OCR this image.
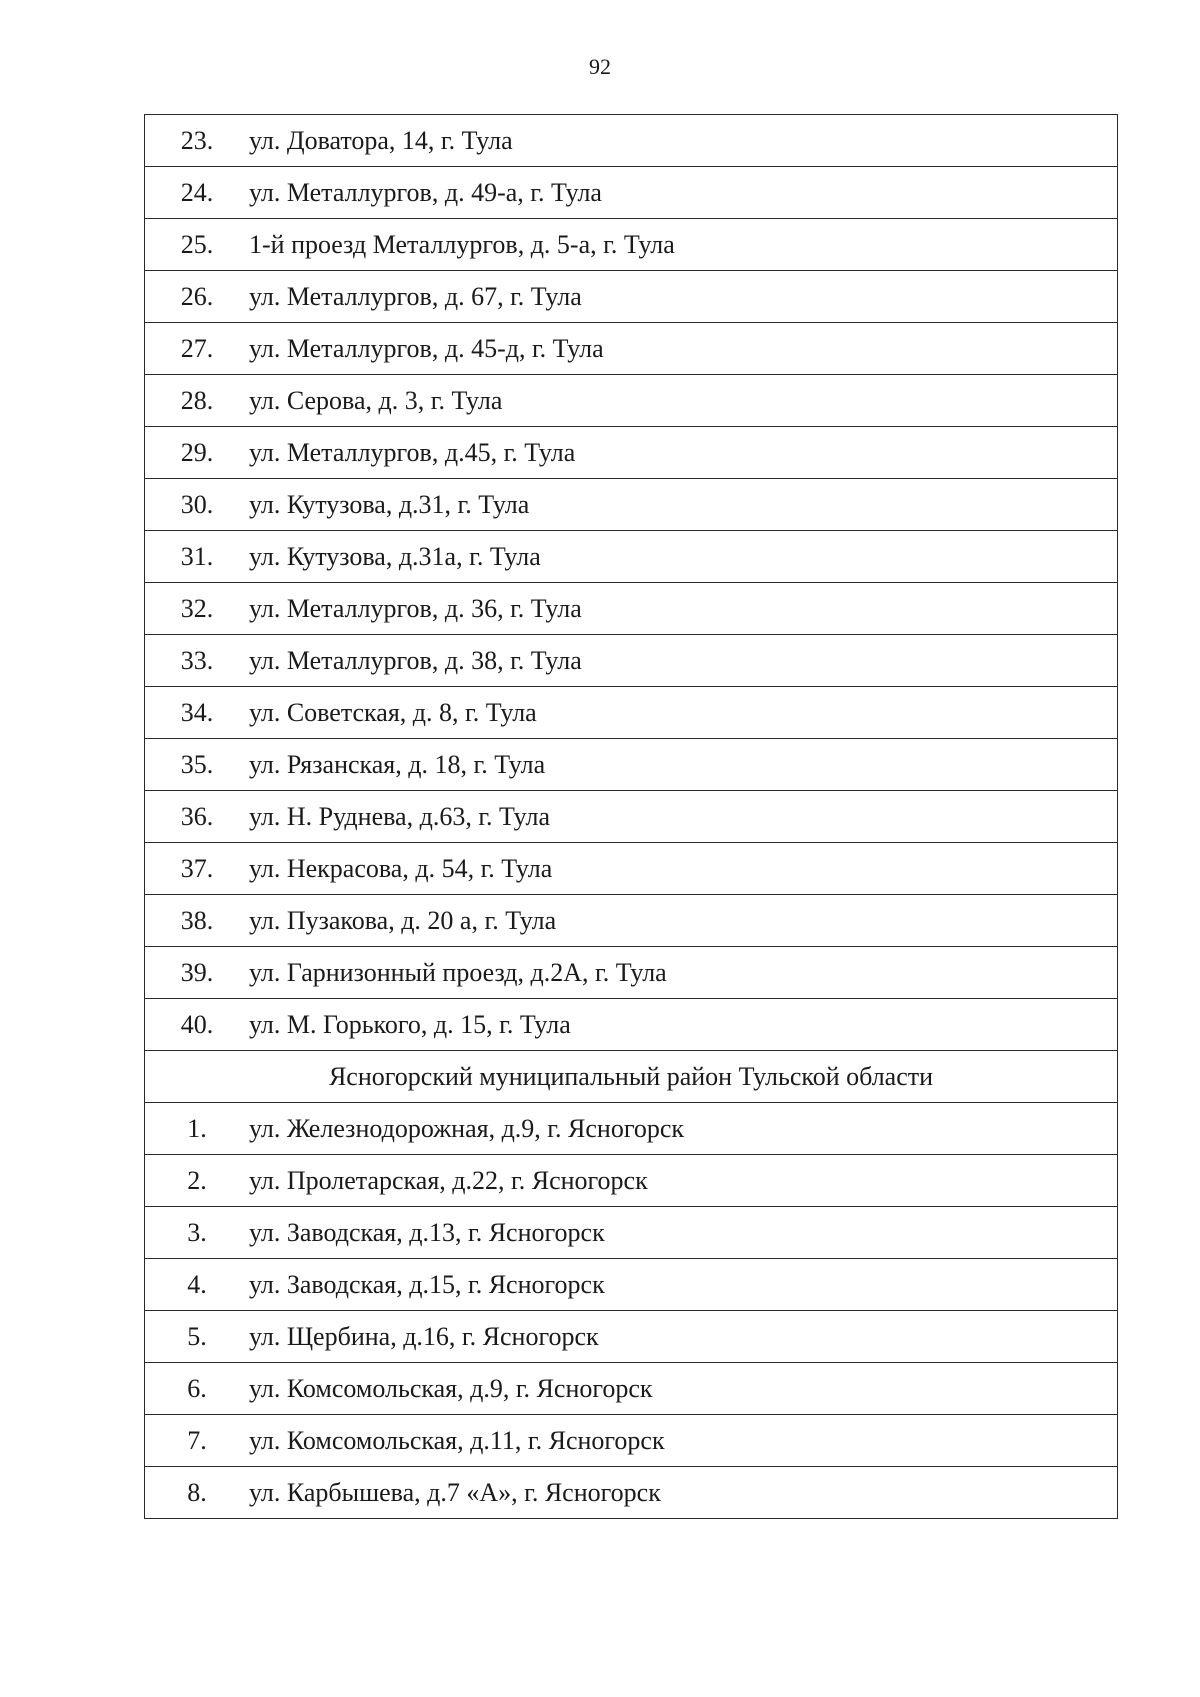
92
23.	ул. Доватора, 14, г. Тула
24.	ул. Металлургов, д. 49-а, г. Тула
25.	1-й проезд Металлургов, д. 5-а, г. Тула
26.	ул. Металлургов, д. 67, г. Тула
27.	ул. Металлургов, д. 45-д, г. Тула
28.	ул. Серова, д. 3, г. Тула
29.	ул. Металлургов, д.45, г. Тула
30.	ул. Кутузова, д.31, г. Тула
31.	ул. Кутузова, д.31а, г. Тула
32.	ул. Металлургов, д. 36, г. Тула
33.	ул. Металлургов, д. 38, г. Тула
34.	ул. Советская, д. 8, г. Тула
35.	ул. Рязанская, д. 18, г. Тула
36.	ул. Н. Руднева, д.63, г. Тула
37.	ул. Некрасова, д. 54, г. Тула
38.	ул. Пузакова, д. 20 а, г. Тула
39.	ул. Гарнизонный проезд, д.2А, г. Тула
40.	ул. М. Горького, д. 15, г. Тула
Ясногорский муниципальный район Тульской области	
1.	ул. Железнодорожная, д.9, г. Ясногорск
2.	ул. Пролетарская, д.22, г. Ясногорск
3.	ул. Заводская, д.13, г. Ясногорск
4.	ул. Заводская, д.15, г. Ясногорск
5.	ул. Щербина, д.16, г. Ясногорск
6.	ул. Комсомольская, д.9, г. Ясногорск
7.	ул. Комсомольская, д.11, г. Ясногорск
8.	ул. Карбышева, д.7 «А», г. Ясногорск
